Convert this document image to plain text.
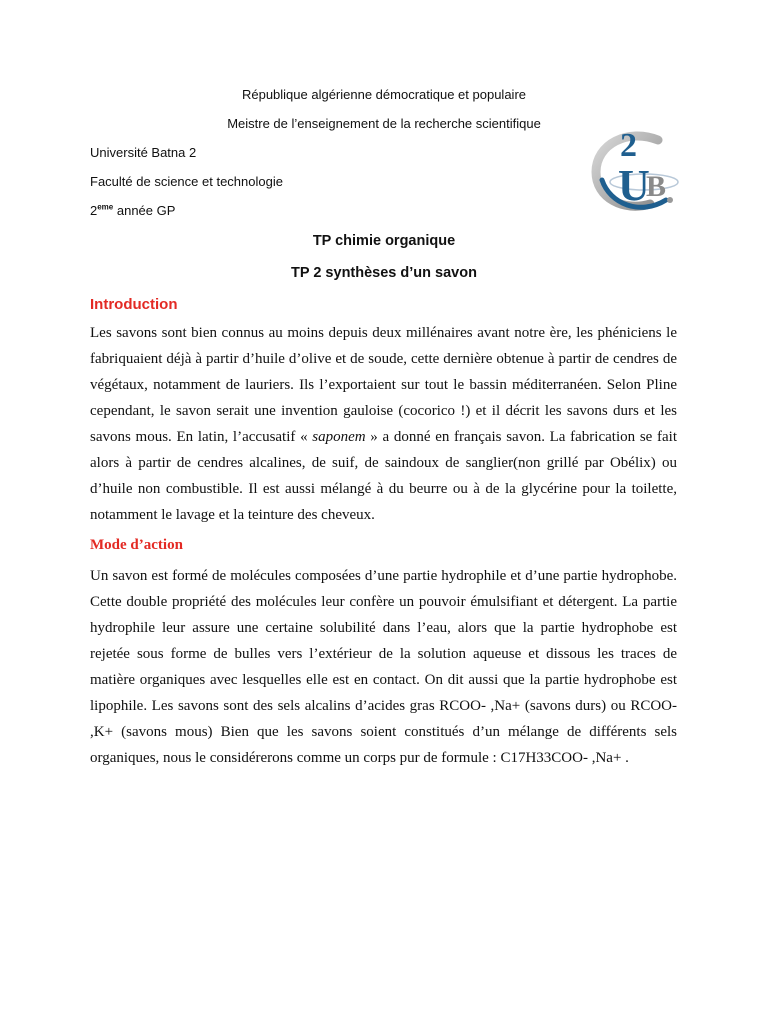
République algérienne démocratique et populaire
Meistre de l’enseignement de la recherche scientifique
Université Batna 2
Faculté de science et technologie
2eme année GP
U
B
2
TP chimie organique
TP 2 synthèses d’un savon
Introduction

Les savons sont bien connus au moins depuis deux millénaires avant notre ère, les phéniciens le fabriquaient déjà à partir d’huile d’olive et de soude, cette dernière obtenue à partir de cendres de végétaux, notamment de lauriers. Ils l’exportaient sur tout le bassin méditerranéen. Selon Pline cependant, le savon serait une invention gauloise (cocorico !) et il décrit les savons durs et les savons mous. En latin, l’accusatif « saponem » a donné en français savon. La fabrication se fait alors à partir de cendres alcalines, de suif, de saindoux de sanglier(non grillé par Obélix) ou d’huile non combustible. Il est aussi mélangé à du beurre ou à de la glycérine pour la toilette, notamment le lavage et la teinture des cheveux.

Mode d’action

Un savon est formé de molécules composées d’une partie hydrophile et d’une partie hydrophobe. Cette double propriété des molécules leur confère un pouvoir émulsifiant et détergent. La partie hydrophile leur assure une certaine solubilité dans l’eau, alors que la partie hydrophobe est rejetée sous forme de bulles vers l’extérieur de la solution aqueuse et dissous les traces de matière organiques avec lesquelles elle est en contact. On dit aussi que la partie hydrophobe est lipophile. Les savons sont des sels alcalins d’acides gras RCOO- ,Na+ (savons durs) ou RCOO- ,K+ (savons mous) Bien que les savons soient constitués d’un mélange de différents sels organiques, nous le considérerons comme un corps pur de formule : C17H33COO- ,Na+ .
